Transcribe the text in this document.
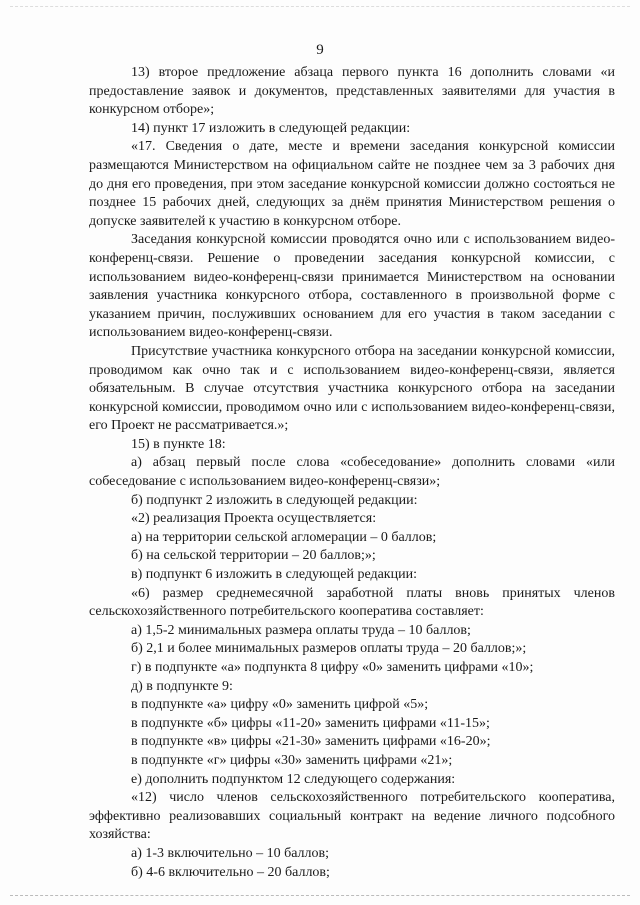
9

13) второе предложение абзаца первого пункта 16 дополнить словами «и предоставление заявок и документов, представленных заявителями для участия в конкурсном отборе»;

14) пункт 17 изложить в следующей редакции:

«17. Сведения о дате, месте и времени заседания конкурсной комиссии размещаются Министерством на официальном сайте не позднее чем за 3 рабочих дня до дня его проведения, при этом заседание конкурсной комиссии должно состояться не позднее 15 рабочих дней, следующих за днём принятия Министерством решения о допуске заявителей к участию в конкурсном отборе.

Заседания конкурсной комиссии проводятся очно или с использованием видео-конференц-связи. Решение о проведении заседания конкурсной комиссии, с использованием видео-конференц-связи принимается Министерством на основании заявления участника конкурсного отбора, составленного в произвольной форме с указанием причин, послуживших основанием для его участия в таком заседании с использованием видео-конференц-связи.

Присутствие участника конкурсного отбора на заседании конкурсной комиссии, проводимом как очно так и с использованием видео-конференц-связи, является обязательным. В случае отсутствия участника конкурсного отбора на заседании конкурсной комиссии, проводимом очно или с использованием видео-конференц-связи, его Проект не рассматривается.»;

15) в пункте 18:

а) абзац первый после слова «собеседование» дополнить словами «или собеседование с использованием видео-конференц-связи»;

б) подпункт 2 изложить в следующей редакции:

«2) реализация Проекта осуществляется:

а) на территории сельской агломерации – 0 баллов;

б) на сельской территории – 20 баллов;»;

в) подпункт 6 изложить в следующей редакции:

«6) размер среднемесячной заработной платы вновь принятых членов сельскохозяйственного потребительского кооператива составляет:

а) 1,5-2 минимальных размера оплаты труда – 10 баллов;

б) 2,1 и более минимальных размеров оплаты труда – 20 баллов;»;

г) в подпункте «а» подпункта 8 цифру «0» заменить цифрами «10»;

д) в подпункте 9:

в подпункте «а» цифру «0» заменить цифрой «5»;

в подпункте «б» цифры «11-20» заменить цифрами «11-15»;

в подпункте «в» цифры «21-30» заменить цифрами «16-20»;

в подпункте «г» цифры «30» заменить цифрами «21»;

е) дополнить подпунктом 12 следующего содержания:

«12) число членов сельскохозяйственного потребительского кооператива, эффективно реализовавших социальный контракт на ведение личного подсобного хозяйства:

а) 1-3 включительно – 10 баллов;

б) 4-6 включительно – 20 баллов;
